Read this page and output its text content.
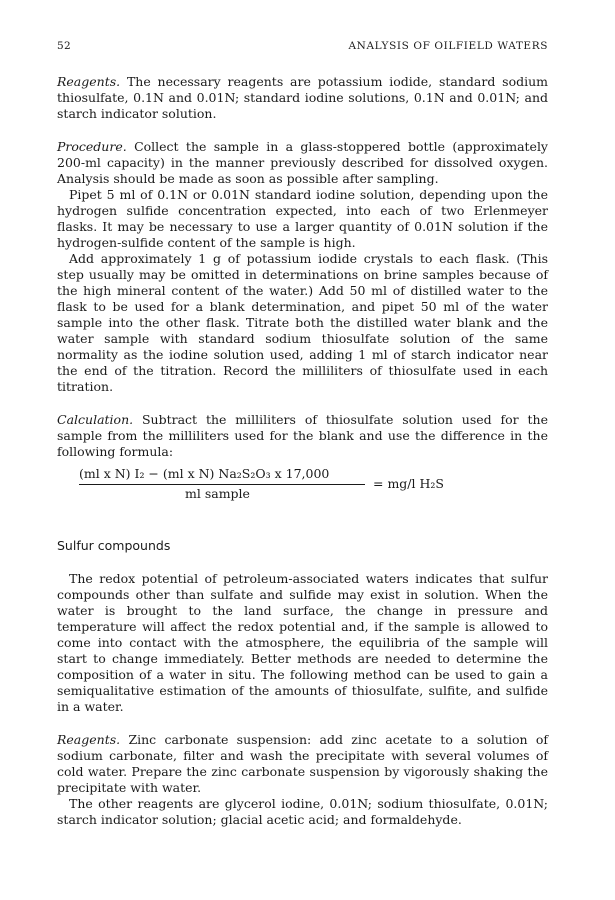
52	ANALYSIS OF OILFIELD WATERS

Reagents. The necessary reagents are potassium iodide, standard sodium thiosulfate, 0.1N and 0.01N; standard iodine solutions, 0.1N and 0.01N; and starch indicator solution.

Procedure. Collect the sample in a glass-stoppered bottle (approximately 200-ml capacity) in the manner previously described for dissolved oxygen. Analysis should be made as soon as possible after sampling.

Pipet 5 ml of 0.1N or 0.01N standard iodine solution, depending upon the hydrogen sulfide concentration expected, into each of two Erlenmeyer flasks. It may be necessary to use a larger quantity of 0.01N solution if the hydrogen-sulfide content of the sample is high.

Add approximately 1 g of potassium iodide crystals to each flask. (This step usually may be omitted in determinations on brine samples because of the high mineral content of the water.) Add 50 ml of distilled water to the flask to be used for a blank determination, and pipet 50 ml of the water sample into the other flask. Titrate both the distilled water blank and the water sample with standard sodium thiosulfate solution of the same normality as the iodine solution used, adding 1 ml of starch indicator near the end of the titration. Record the milliliters of thiosulfate used in each titration.

Calculation. Subtract the milliliters of thiosulfate solution used for the sample from the milliliters used for the blank and use the difference in the following formula:

(ml x N) I₂ − (ml x N) Na₂S₂O₃ x 17,000
ml sample
= mg/l H₂S
Sulfur compounds

The redox potential of petroleum-associated waters indicates that sulfur compounds other than sulfate and sulfide may exist in solution. When the water is brought to the land surface, the change in pressure and temperature will affect the redox potential and, if the sample is allowed to come into contact with the atmosphere, the equilibria of the sample will start to change immediately. Better methods are needed to determine the composition of a water in situ. The following method can be used to gain a semiqualitative estimation of the amounts of thiosulfate, sulfite, and sulfide in a water.

Reagents. Zinc carbonate suspension: add zinc acetate to a solution of sodium carbonate, filter and wash the precipitate with several volumes of cold water. Prepare the zinc carbonate suspension by vigorously shaking the precipitate with water.

The other reagents are glycerol iodine, 0.01N; sodium thiosulfate, 0.01N; starch indicator solution; glacial acetic acid; and formaldehyde.
